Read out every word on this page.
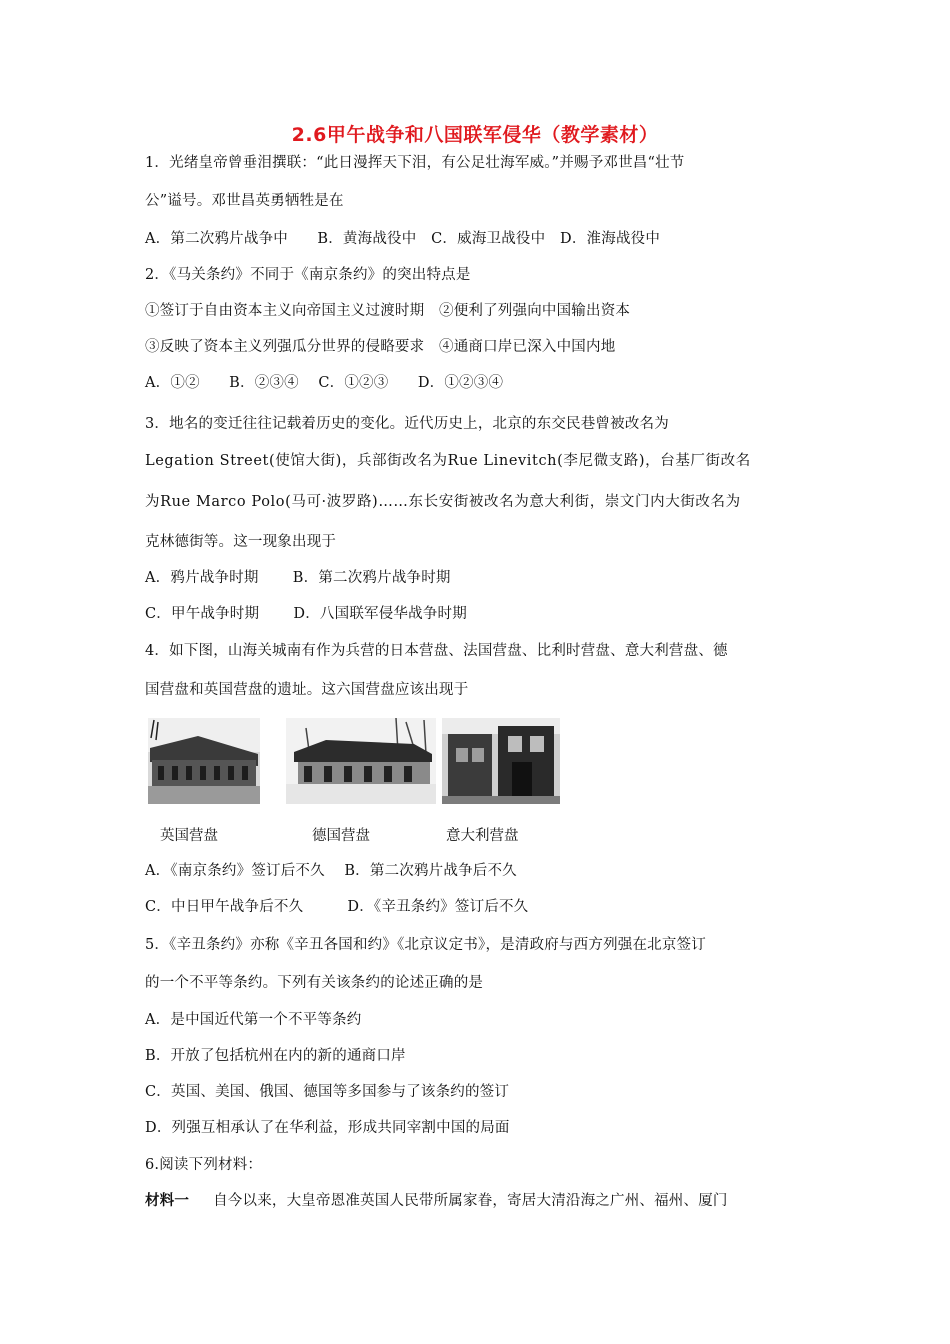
2.6甲午战争和八国联军侵华（教学素材）
1．光绪皇帝曾垂泪撰联：“此日漫挥天下泪，有公足壮海军威。”并赐予邓世昌“壮节
公”谥号。邓世昌英勇牺牲是在
A．第二次鸦片战争中　　B．黄海战役中　C．威海卫战役中　D．淮海战役中
2．《马关条约》不同于《南京条约》的突出特点是
①签订于自由资本主义向帝国主义过渡时期　②便利了列强向中国输出资本
③反映了资本主义列强瓜分世界的侵略要求　④通商口岸已深入中国内地
A．①②　　B．②③④　 C．①②③　　D．①②③④
3．地名的变迁往往记载着历史的变化。近代历史上，北京的东交民巷曾被改名为
Legation Street(使馆大街)，兵部街改名为Rue Linevitch(李尼微支路)，台基厂街改名
为Rue Marco Polo(马可·波罗路)……东长安街被改名为意大利街，崇文门内大街改名为
克林德街等。这一现象出现于
A．鸦片战争时期　　 B．第二次鸦片战争时期
C．甲午战争时期　　 D．八国联军侵华战争时期
4．如下图，山海关城南有作为兵营的日本营盘、法国营盘、比利时营盘、意大利营盘、德
国营盘和英国营盘的遗址。这六国营盘应该出现于
英国营盘	德国营盘	意大利营盘
A．《南京条约》签订后不久　 B．第二次鸦片战争后不久
C．中日甲午战争后不久　　　D．《辛丑条约》签订后不久
5．《辛丑条约》亦称《辛丑各国和约》《北京议定书》，是清政府与西方列强在北京签订
的一个不平等条约。下列有关该条约的论述正确的是
A．是中国近代第一个不平等条约
B．开放了包括杭州在内的新的通商口岸
C．英国、美国、俄国、德国等多国参与了该条约的签订
D．列强互相承认了在华利益，形成共同宰割中国的局面
6.阅读下列材料：
材料一 自今以来，大皇帝恩准英国人民带所属家眷，寄居大清沿海之广州、福州、厦门
